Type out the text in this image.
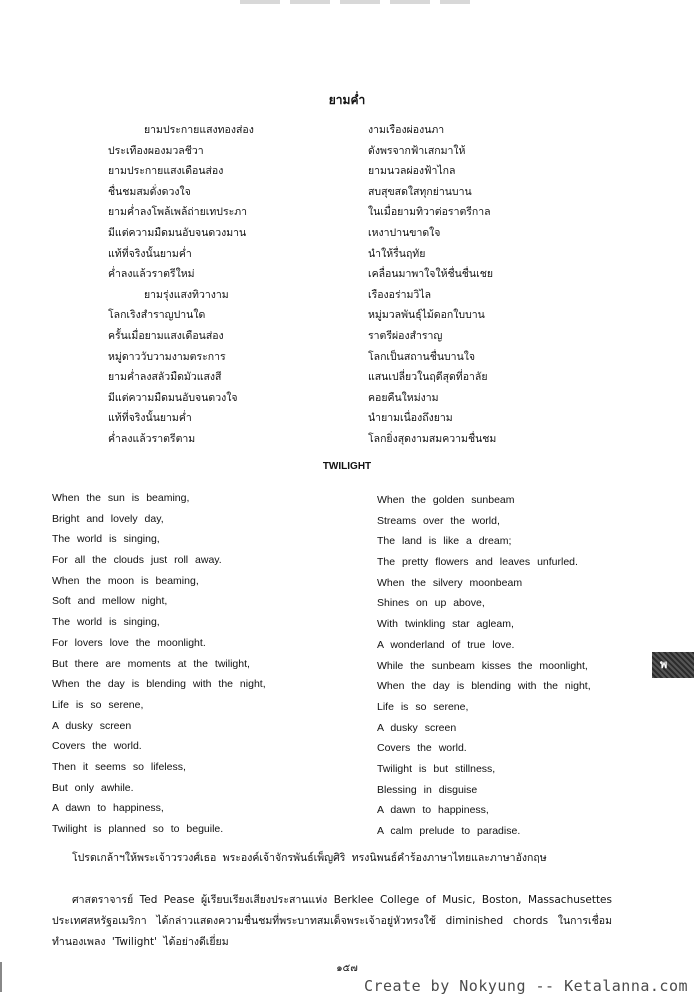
ยามค่ำ
ยามประกายแสงทองส่อง
ประเทืองผองมวลชีวา
ยามประกายแสงเดือนส่อง
ชื่นชมสมดั่งดวงใจ
ยามค่ำลงโพล้เพล้ถ่ายเทประภา
มีแต่ความมืดมนอับจนดวงมาน
แท้ที่จริงนั้นยามค่ำ
ค่ำลงแล้วราตรีใหม่
ยามรุ่งแสงทิวางาม
โลกเริงสำราญปานใด
ครั้นเมื่อยามแสงเดือนส่อง
หมู่ดาววับวามงามตระการ
ยามค่ำลงสลัวมืดมัวแสงสี
มีแต่ความมืดมนอับจนดวงใจ
แท้ที่จริงนั้นยามค่ำ
ค่ำลงแล้วราตรีตาม
งามเรืองผ่องนภา
ดังพรจากฟ้าเสกมาให้
ยามนวลผ่องฟ้าไกล
สบสุขสดใสทุกย่านบาน
ในเมื่อยามทิวาต่อราตรีกาล
เหงาปานขาดใจ
นำให้รื่นฤทัย
เคลื่อนมาพาใจให้ชื่นชื่นเชย
เรืองอร่ามวิไล
หมู่มวลพันธุ์ไม้ดอกใบบาน
ราตรีผ่องสำราญ
โลกเป็นสถานชื่นบานใจ
แสนเปลี่ยวในฤดีสุดที่อาลัย
คอยคืนใหม่งาม
นำยามเนื่องถึงยาม
โลกยิ่งสุดงามสมความชื่นชม
TWILIGHT
When the sun is beaming,
Bright and lovely day,
The world is singing,
For all the clouds just roll away.
When the moon is beaming,
Soft and mellow night,
The world is singing,
For lovers love the moonlight.
But there are moments at the twilight,
When the day is blending with the night,
Life is so serene,
A dusky screen
Covers the world.
Then it seems so lifeless,
But only awhile.
A dawn to happiness,
Twilight is planned so to beguile.
When the golden sunbeam
Streams over the world,
The land is like a dream;
The pretty flowers and leaves unfurled.
When the silvery moonbeam
Shines on up above,
With twinkling star agleam,
A wonderland of true love.
While the sunbeam kisses the moonlight,
When the day is blending with the night,
Life is so serene,
A dusky screen
Covers the world.
Twilight is but stillness,
Blessing in disguise
A dawn to happiness,
A calm prelude to paradise.
พ

โปรดเกล้าฯให้พระเจ้าวรวงศ์เธอ พระองค์เจ้าจักรพันธ์เพ็ญศิริ ทรงนิพนธ์คำร้องภาษาไทยและภาษาอังกฤษ

ศาสตราจารย์ Ted Pease ผู้เรียบเรียงเสียงประสานแห่ง Berklee College of Music, Boston, Massachusettes ประเทศสหรัฐอเมริกา ได้กล่าวแสดงความชื่นชมที่พระบาทสมเด็จพระเจ้าอยู่หัวทรงใช้ diminished chords ในการเชื่อมทำนองเพลง 'Twilight' ได้อย่างดีเยี่ยม

๑๕๗
Create by Nokyung -- Ketalanna.com
